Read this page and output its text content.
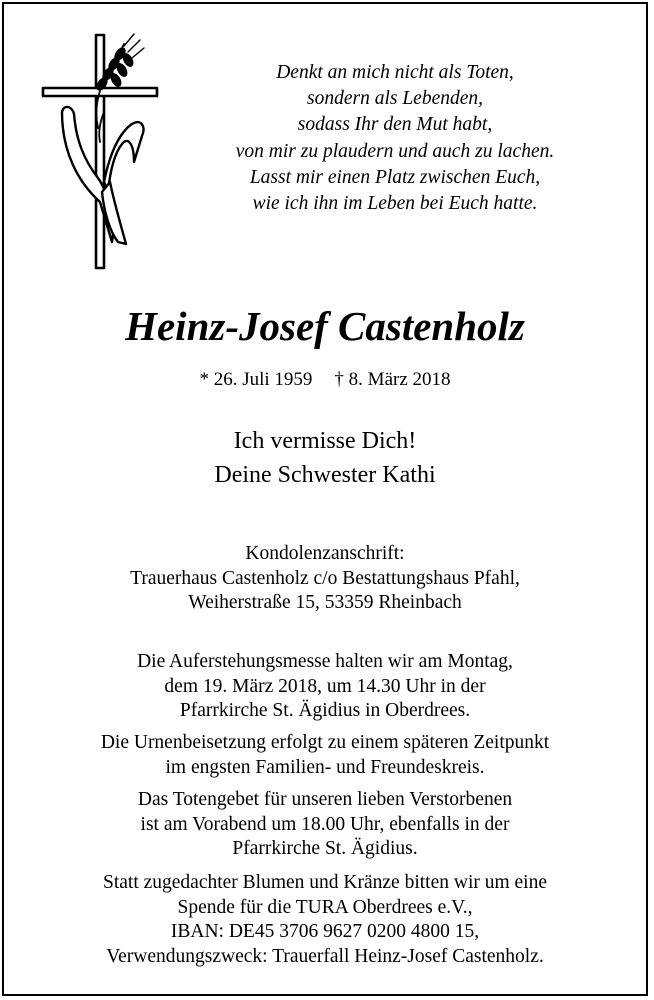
Denkt an mich nicht als Toten,
sondern als Lebenden,
sodass Ihr den Mut habt,
von mir zu plaudern und auch zu lachen.
Lasst mir einen Platz zwischen Euch,
wie ich ihn im Leben bei Euch hatte.
Heinz-Josef Castenholz
* 26. Juli 1959 † 8. März 2018
Ich vermisse Dich!
Deine Schwester Kathi
Kondolenzanschrift:
Trauerhaus Castenholz c/o Bestattungshaus Pfahl,
Weiherstraße 15, 53359 Rheinbach
Die Auferstehungsmesse halten wir am Montag,
dem 19. März 2018, um 14.30 Uhr in der
Pfarrkirche St. Ägidius in Oberdrees.
Die Urnenbeisetzung erfolgt zu einem späteren Zeitpunkt
im engsten Familien- und Freundeskreis.
Das Totengebet für unseren lieben Verstorbenen
ist am Vorabend um 18.00 Uhr, ebenfalls in der
Pfarrkirche St. Ägidius.
Statt zugedachter Blumen und Kränze bitten wir um eine
Spende für die TURA Oberdrees e.V.,
IBAN: DE45 3706 9627 0200 4800 15,
Verwendungszweck: Trauerfall Heinz-Josef Castenholz.
